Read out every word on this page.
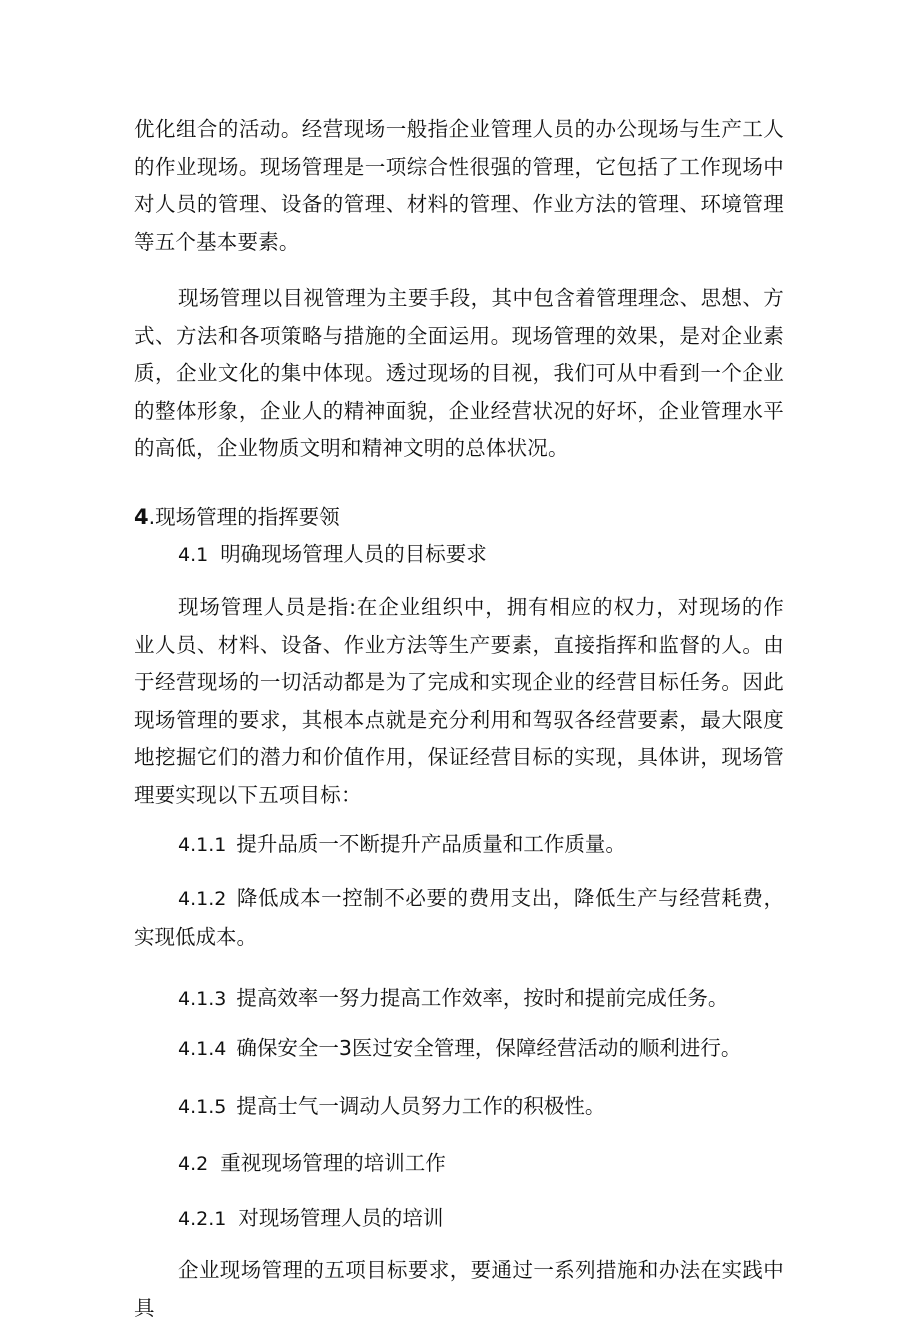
优化组合的活动。经营现场一般指企业管理人员的办公现场与生产工人的作业现场。现场管理是一项综合性很强的管理，它包括了工作现场中对人员的管理、设备的管理、材料的管理、作业方法的管理、环境管理等五个基本要素。

现场管理以目视管理为主要手段，其中包含着管理理念、思想、方式、方法和各项策略与措施的全面运用。现场管理的效果，是对企业素质，企业文化的集中体现。透过现场的目视，我们可从中看到一个企业的整体形象，企业人的精神面貌，企业经营状况的好坏，企业管理水平的高低，企业物质文明和精神文明的总体状况。

4.现场管理的指挥要领

4.1 明确现场管理人员的目标要求

现场管理人员是指:在企业组织中，拥有相应的权力，对现场的作业人员、材料、设备、作业方法等生产要素，直接指挥和监督的人。由于经营现场的一切活动都是为了完成和实现企业的经营目标任务。因此现场管理的要求，其根本点就是充分利用和驾驭各经营要素，最大限度地挖掘它们的潜力和价值作用，保证经营目标的实现，具体讲，现场管理要实现以下五项目标：

4.1.1 提升品质一不断提升产品质量和工作质量。

4.1.2 降低成本一控制不必要的费用支出，降低生产与经营耗费，实现低成本。

4.1.3 提高效率一努力提高工作效率，按时和提前完成任务。

4.1.4 确保安全一3医过安全管理，保障经营活动的顺利进行。

4.1.5 提高士气一调动人员努力工作的积极性。

4.2 重视现场管理的培训工作

4.2.1 对现场管理人员的培训

企业现场管理的五项目标要求，要通过一系列措施和办法在实践中具
